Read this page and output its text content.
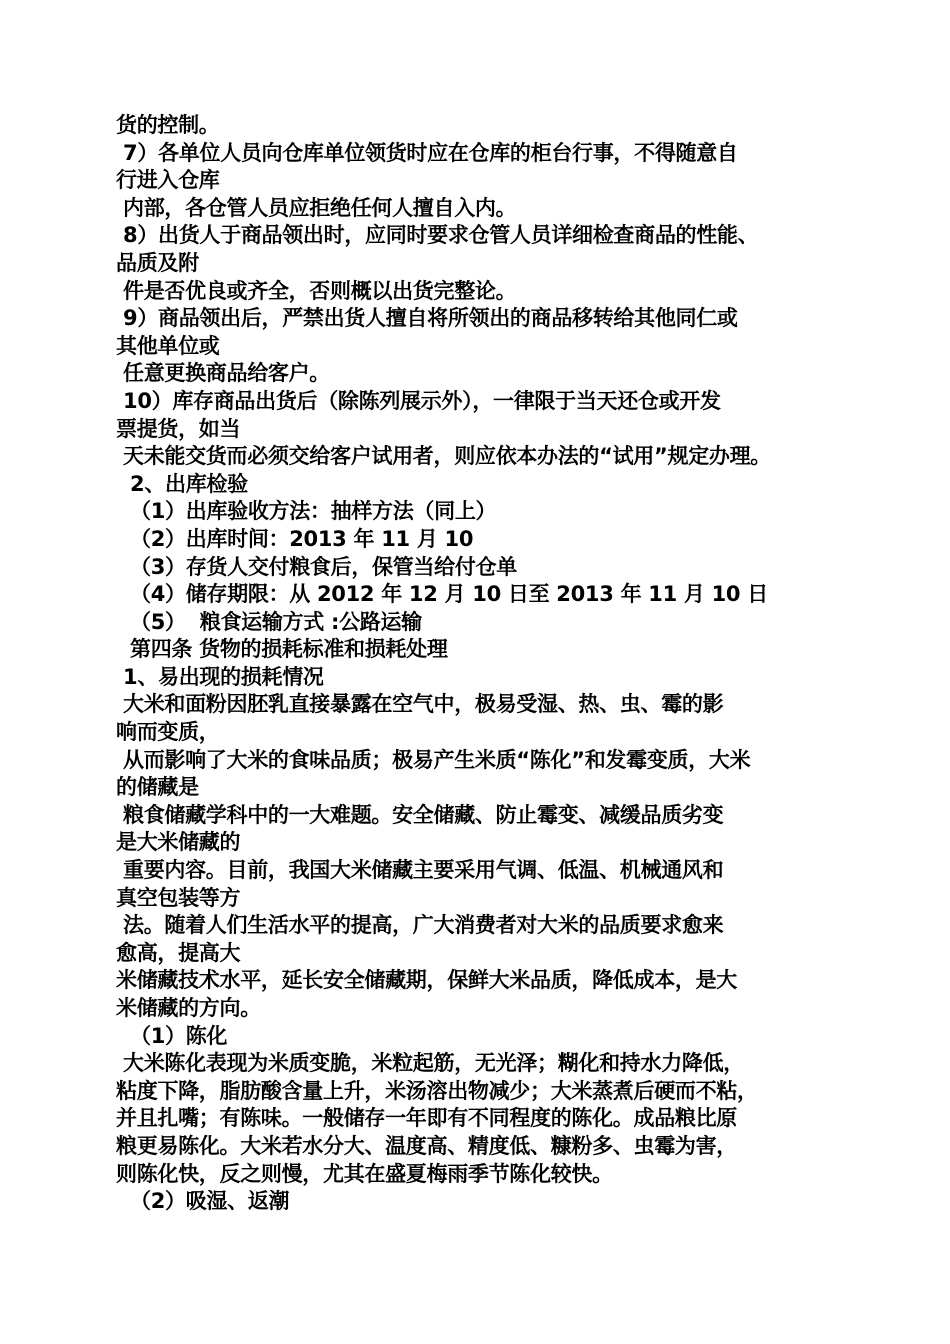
货的控制。
7）各单位人员向仓库单位领货时应在仓库的柜台行事，不得随意自
行进入仓库
内部，各仓管人员应拒绝任何人擅自入内。
8）出货人于商品领出时，应同时要求仓管人员详细检查商品的性能、
品质及附
件是否优良或齐全，否则概以出货完整论。
9）商品领出后，严禁出货人擅自将所领出的商品移转给其他同仁或
其他单位或
任意更换商品给客户。
10）库存商品出货后（除陈列展示外），一律限于当天还仓或开发
票提货，如当
天未能交货而必须交给客户试用者，则应依本办法的“试用”规定办理。
2、出库检验
（1）出库验收方法：抽样方法（同上）
（2）出库时间：2013 年 11 月 10
（3）存货人交付粮食后，保管当给付仓单
（4）储存期限：从 2012 年 12 月 10 日至 2013 年 11 月 10 日
（5）  粮食运输方式 :公路运输
第四条 货物的损耗标准和损耗处理
1、易出现的损耗情况
大米和面粉因胚乳直接暴露在空气中，极易受湿、热、虫、霉的影
响而变质，
从而影响了大米的食味品质；极易产生米质“陈化”和发霉变质，大米
的储藏是
粮食储藏学科中的一大难题。安全储藏、防止霉变、减缓品质劣变
是大米储藏的
重要内容。目前，我国大米储藏主要采用气调、低温、机械通风和
真空包装等方
法。随着人们生活水平的提高，广大消费者对大米的品质要求愈来
愈高，提高大
米储藏技术水平，延长安全储藏期，保鲜大米品质，降低成本，是大
米储藏的方向。
（1）陈化
大米陈化表现为米质变脆，米粒起筋，无光泽；糊化和持水力降低，
粘度下降，脂肪酸含量上升，米汤溶出物减少；大米蒸煮后硬而不粘，
并且扎嘴；有陈味。一般储存一年即有不同程度的陈化。成品粮比原
粮更易陈化。大米若水分大、温度高、精度低、糠粉多、虫霉为害，
则陈化快，反之则慢，尤其在盛夏梅雨季节陈化较快。
（2）吸湿、返潮
